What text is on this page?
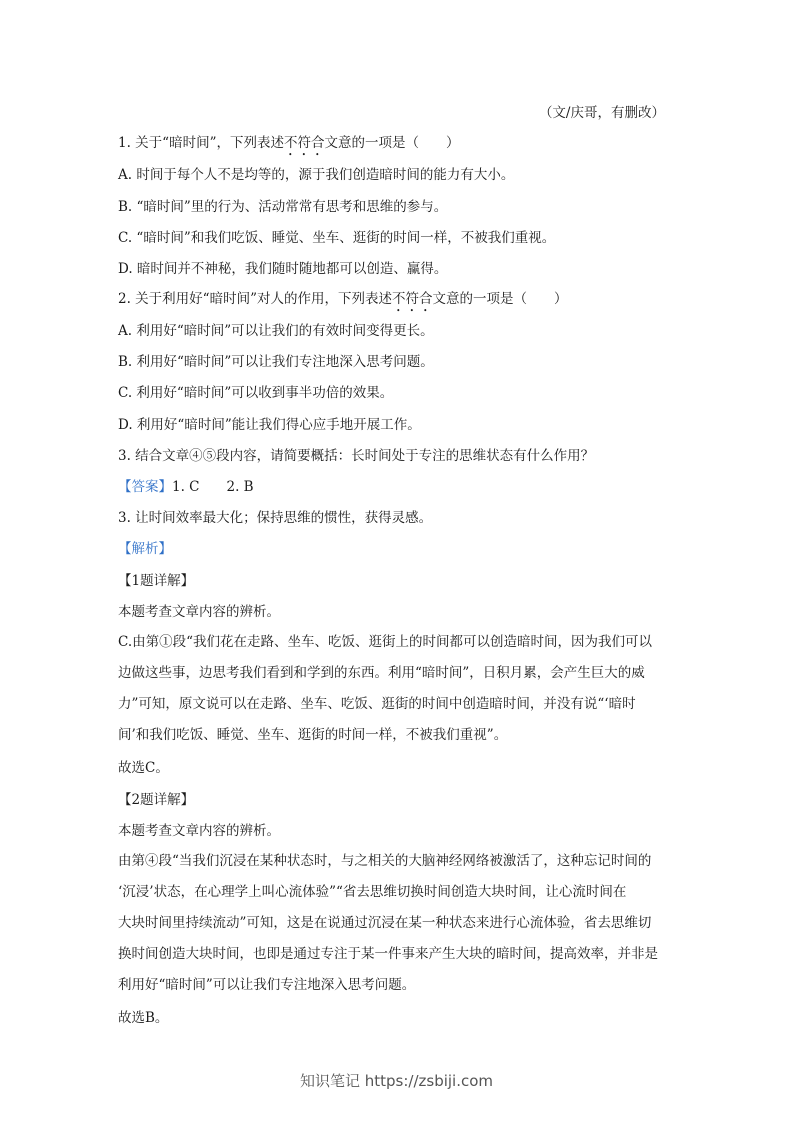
（文/庆哥，有删改）
1. 关于“暗时间”，下列表述不符合文意的一项是（　　）
A. 时间于每个人不是均等的，源于我们创造暗时间的能力有大小。
B. “暗时间”里的行为、活动常常有思考和思维的参与。
C. “暗时间”和我们吃饭、睡觉、坐车、逛街的时间一样，不被我们重视。
D. 暗时间并不神秘，我们随时随地都可以创造、赢得。
2. 关于利用好“暗时间”对人的作用，下列表述不符合文意的一项是（　　）
A. 利用好“暗时间”可以让我们的有效时间变得更长。
B. 利用好“暗时间”可以让我们专注地深入思考问题。
C. 利用好“暗时间”可以收到事半功倍的效果。
D. 利用好“暗时间”能让我们得心应手地开展工作。
3. 结合文章④⑤段内容，请简要概括：长时间处于专注的思维状态有什么作用？
【答案】1. C　　2. B
3. 让时间效率最大化；保持思维的惯性，获得灵感。
【解析】
【1题详解】
本题考查文章内容的辨析。
C.由第①段“我们花在走路、坐车、吃饭、逛街上的时间都可以创造暗时间，因为我们可以
边做这些事，边思考我们看到和学到的东西。利用“暗时间”，日积月累，会产生巨大的威
力”可知，原文说可以在走路、坐车、吃饭、逛街的时间中创造暗时间，并没有说“‘暗时
间’和我们吃饭、睡觉、坐车、逛街的时间一样，不被我们重视”。
故选C。
【2题详解】
本题考查文章内容的辨析。
由第④段“当我们沉浸在某种状态时，与之相关的大脑神经网络被激活了，这种忘记时间的
‘沉浸’状态，在心理学上叫心流体验”“省去思维切换时间创造大块时间，让心流时间在
大块时间里持续流动”可知，这是在说通过沉浸在某一种状态来进行心流体验，省去思维切
换时间创造大块时间，也即是通过专注于某一件事来产生大块的暗时间，提高效率，并非是
利用好“暗时间”可以让我们专注地深入思考问题。
故选B。
知识笔记 https://zsbiji.com
